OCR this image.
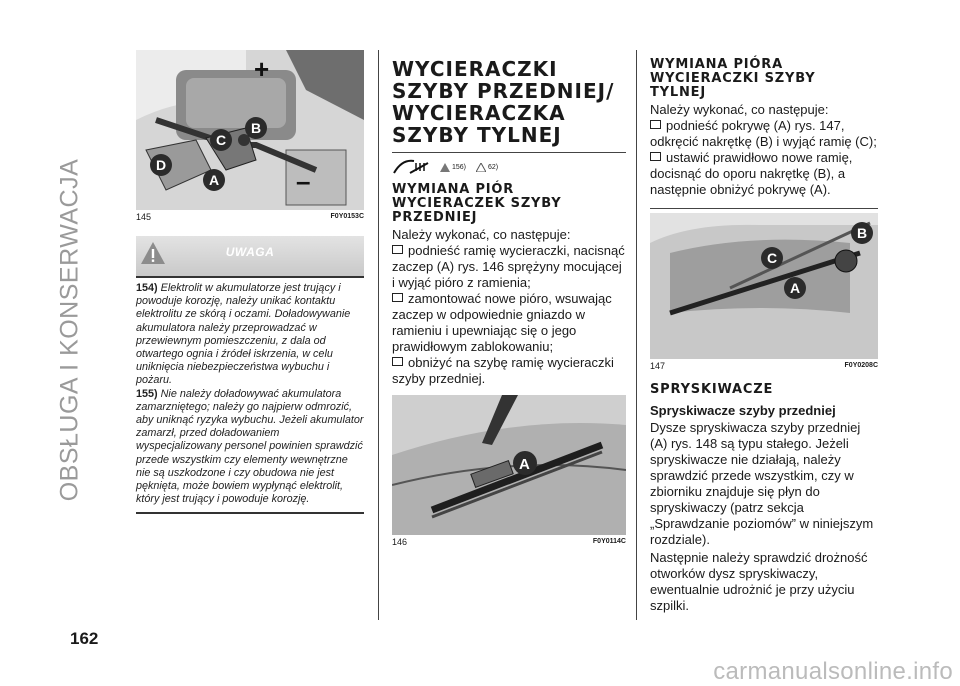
OBSŁUGA I KONSERWACJA
+
–
D
C
B
A
145	F0Y0153C
UWAGA

154) Elektrolit w akumulatorze jest trujący i powoduje korozję, należy unikać kontaktu elektrolitu ze skórą i oczami. Doładowywanie akumulatora należy przeprowadzać w przewiewnym pomieszczeniu, z dala od otwartego ognia i źródeł iskrzenia, w celu uniknięcia niebezpieczeństwa wybuchu i pożaru.

155) Nie należy doładowywać akumulatora zamarzniętego; należy go najpierw odmrozić, aby uniknąć ryzyka wybuchu. Jeżeli akumulator zamarzł, przed doładowaniem wyspecjalizowany personel powinien sprawdzić przede wszystkim czy elementy wewnętrzne nie są uszkodzone i czy obudowa nie jest pęknięta, może bowiem wypłynąć elektrolit, który jest trujący i powoduje korozję.

WYCIERACZKI
SZYBY PRZEDNIEJ/
WYCIERACZKA
SZYBY TYLNEJ
156)	62)
WYMIANA PIÓR
WYCIERACZEK SZYBY
PRZEDNIEJ

Należy wykonać, co następuje:

podnieść ramię wycieraczki, nacisnąć zaczep (A) rys. 146 sprężyny mocującej i wyjąć pióro z ramienia;

zamontować nowe pióro, wsuwając zaczep w odpowiednie gniazdo w ramieniu i upewniając się o jego prawidłowym zablokowaniu;

obniżyć na szybę ramię wycieraczki szyby przedniej.

A
146	F0Y0114C
WYMIANA PIÓRA
WYCIERACZKI SZYBY
TYLNEJ

Należy wykonać, co następuje:

podnieść pokrywę (A) rys. 147, odkręcić nakrętkę (B) i wyjąć ramię (C);

ustawić prawidłowo nowe ramię, docisnąć do oporu nakrętkę (B), a następnie obniżyć pokrywę (A).

C
B
A
147	F0Y0208C
SPRYSKIWACZE
Spryskiwacze szyby przedniej

Dysze spryskiwacza szyby przedniej (A) rys. 148 są typu stałego. Jeżeli spryskiwacze nie działają, należy sprawdzić przede wszystkim, czy w zbiorniku znajduje się płyn do spryskiwaczy (patrz sekcja „Sprawdzanie poziomów” w niniejszym rozdziale).

Następnie należy sprawdzić drożność otworków dysz spryskiwaczy, ewentualnie udrożnić je przy użyciu szpilki.

162
carmanualsonline.info
